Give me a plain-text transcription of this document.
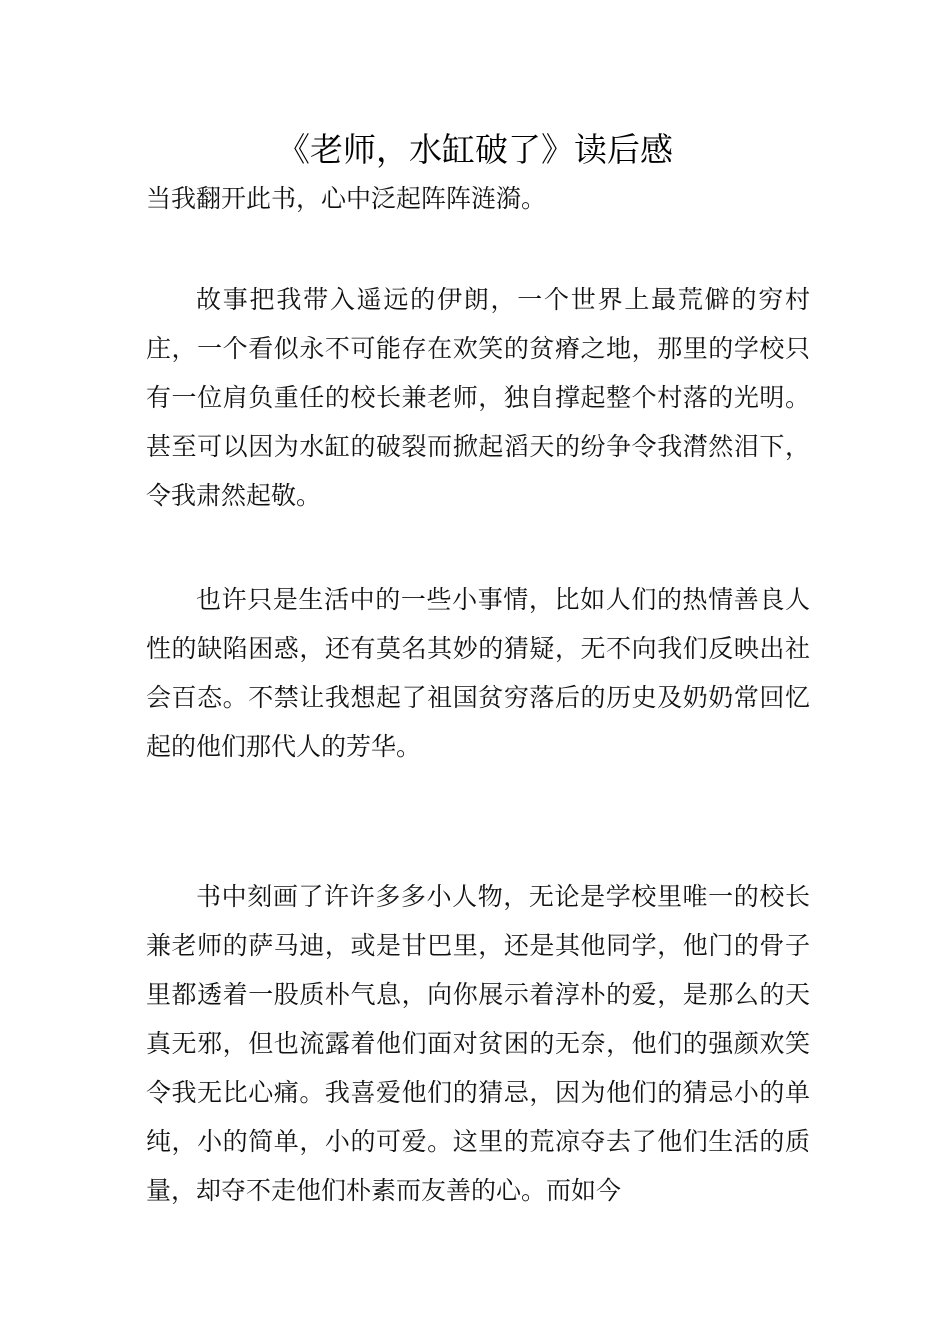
《老师，水缸破了》读后感

当我翻开此书，心中泛起阵阵涟漪。

故事把我带入遥远的伊朗，一个世界上最荒僻的穷村庄，一个看似永不可能存在欢笑的贫瘠之地，那里的学校只有一位肩负重任的校长兼老师，独自撑起整个村落的光明。甚至可以因为水缸的破裂而掀起滔天的纷争令我潸然泪下，令我肃然起敬。

也许只是生活中的一些小事情，比如人们的热情善良人性的缺陷困惑，还有莫名其妙的猜疑，无不向我们反映出社会百态。不禁让我想起了祖国贫穷落后的历史及奶奶常回忆起的他们那代人的芳华。

书中刻画了许许多多小人物，无论是学校里唯一的校长兼老师的萨马迪，或是甘巴里，还是其他同学，他门的骨子里都透着一股质朴气息，向你展示着淳朴的爱，是那么的天真无邪，但也流露着他们面对贫困的无奈，他们的强颜欢笑令我无比心痛。我喜爱他们的猜忌，因为他们的猜忌小的单纯，小的简单，小的可爱。这里的荒凉夺去了他们生活的质量，却夺不走他们朴素而友善的心。而如今
